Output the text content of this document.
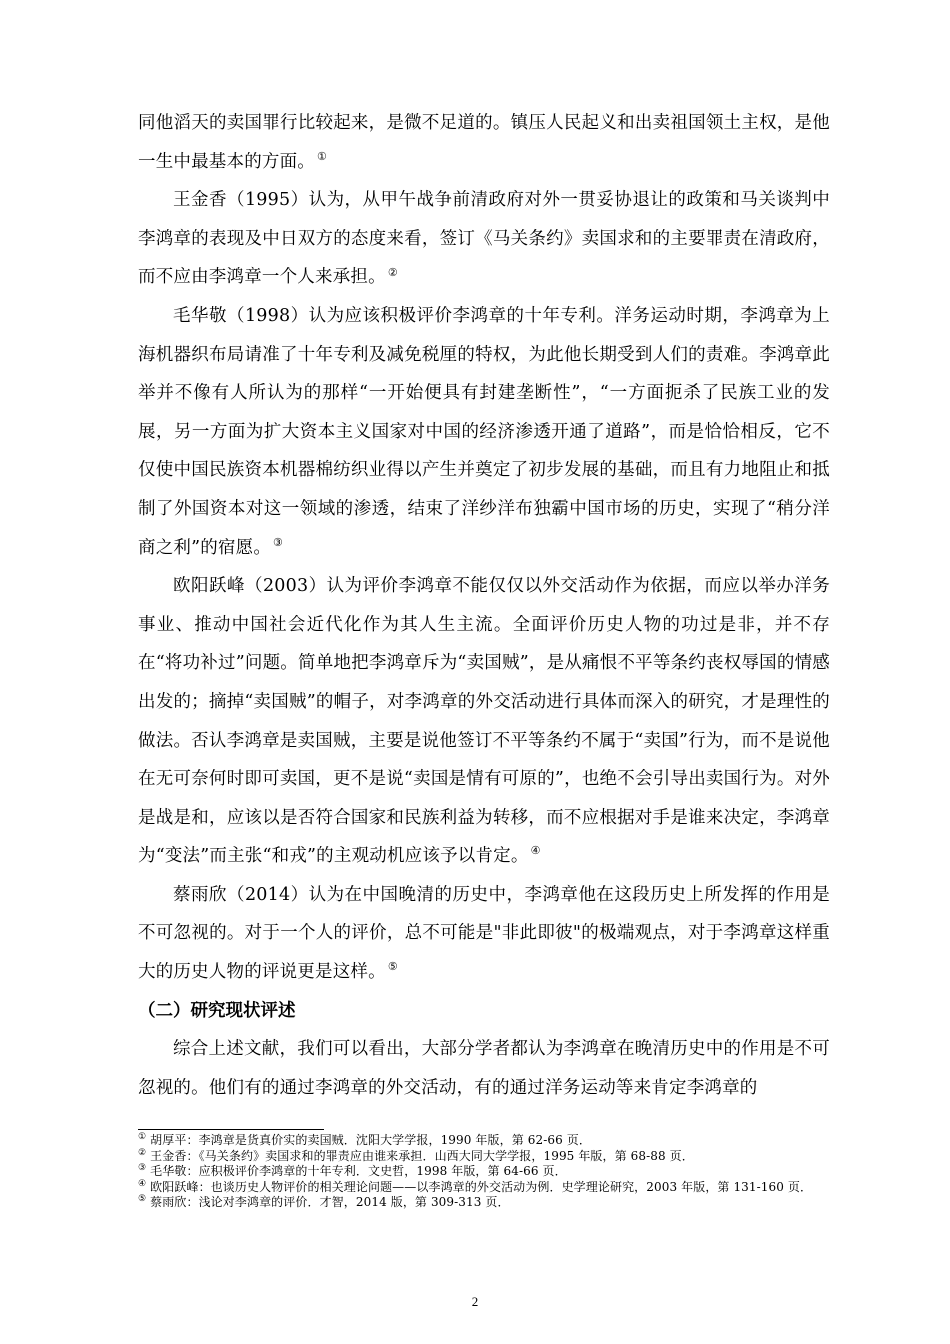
同他滔天的卖国罪行比较起来，是微不足道的。镇压人民起义和出卖祖国领土主权，是他一生中最基本的方面。 ①

王金香（1995）认为，从甲午战争前清政府对外一贯妥协退让的政策和马关谈判中李鸿章的表现及中日双方的态度来看，签订《马关条约》卖国求和的主要罪责在清政府，而不应由李鸿章一个人来承担。 ②

毛华敬（1998）认为应该积极评价李鸿章的十年专利。洋务运动时期，李鸿章为上海机器织布局请准了十年专利及减免税厘的特权，为此他长期受到人们的责难。李鸿章此举并不像有人所认为的那样“一开始便具有封建垄断性”，“一方面扼杀了民族工业的发展，另一方面为扩大资本主义国家对中国的经济渗透开通了道路”，而是恰恰相反，它不仅使中国民族资本机器棉纺织业得以产生并奠定了初步发展的基础，而且有力地阻止和抵制了外国资本对这一领域的渗透，结束了洋纱洋布独霸中国市场的历史，实现了“稍分洋商之利”的宿愿。 ③

欧阳跃峰（2003）认为评价李鸿章不能仅仅以外交活动作为依据，而应以举办洋务事业、推动中国社会近代化作为其人生主流。全面评价历史人物的功过是非，并不存在“将功补过”问题。简单地把李鸿章斥为“卖国贼”，是从痛恨不平等条约丧权辱国的情感出发的；摘掉“卖国贼”的帽子，对李鸿章的外交活动进行具体而深入的研究，才是理性的做法。否认李鸿章是卖国贼，主要是说他签订不平等条约不属于“卖国”行为，而不是说他在无可奈何时即可卖国，更不是说“卖国是情有可原的”，也绝不会引导出卖国行为。对外是战是和，应该以是否符合国家和民族利益为转移，而不应根据对手是谁来决定，李鸿章为“变法”而主张“和戎”的主观动机应该予以肯定。 ④

蔡雨欣（2014）认为在中国晚清的历史中，李鸿章他在这段历史上所发挥的作用是不可忽视的。对于一个人的评价，总不可能是"非此即彼"的极端观点，对于李鸿章这样重大的历史人物的评说更是这样。 ⑤

（二）研究现状评述

综合上述文献，我们可以看出，大部分学者都认为李鸿章在晚清历史中的作用是不可忽视的。他们有的通过李鸿章的外交活动，有的通过洋务运动等来肯定李鸿章的

① 胡厚平：李鸿章是货真价实的卖国贼．沈阳大学学报，1990 年版，第 62-66 页．

② 王金香：《马关条约》卖国求和的罪责应由谁来承担．山西大同大学学报，1995 年版，第 68-88 页．

③ 毛华敬：应积极评价李鸿章的十年专利．文史哲，1998 年版，第 64-66 页．

④ 欧阳跃峰：也谈历史人物评价的相关理论问题——以李鸿章的外交活动为例．史学理论研究，2003 年版，第 131-160 页．

⑤ 蔡雨欣：浅论对李鸿章的评价．才智，2014 版，第 309-313 页．

2
